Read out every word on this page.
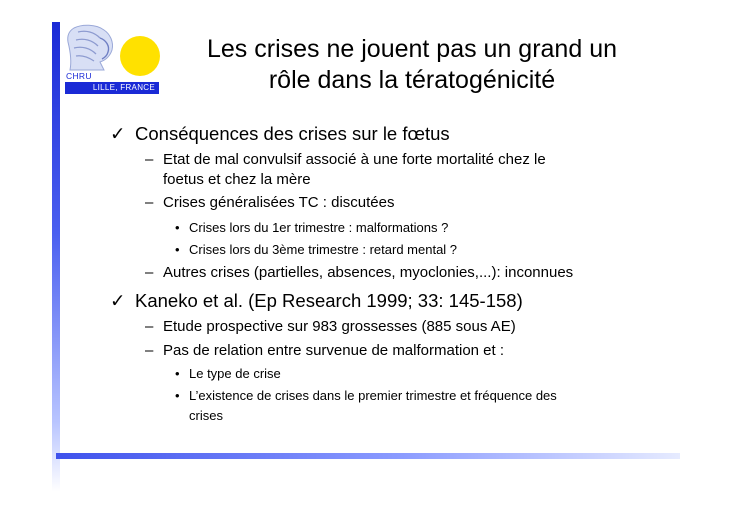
CHRU
LILLE, FRANCE
Les crises ne jouent pas un grand un
rôle dans la tératogénicité
✓ Conséquences des crises sur le fœtus
– Etat de mal convulsif associé à une forte mortalité chez le
foetus et chez la mère
– Crises généralisées TC : discutées
• Crises lors du 1er trimestre : malformations ?
• Crises lors du 3ème trimestre : retard mental ?
– Autres crises (partielles, absences, myoclonies,...): inconnues
✓ Kaneko et al. (Ep Research 1999; 33: 145-158)
– Etude prospective sur 983 grossesses (885 sous AE)
– Pas de relation entre survenue de malformation et :
• Le type de crise
• L’existence de crises dans le premier trimestre et fréquence des
crises
